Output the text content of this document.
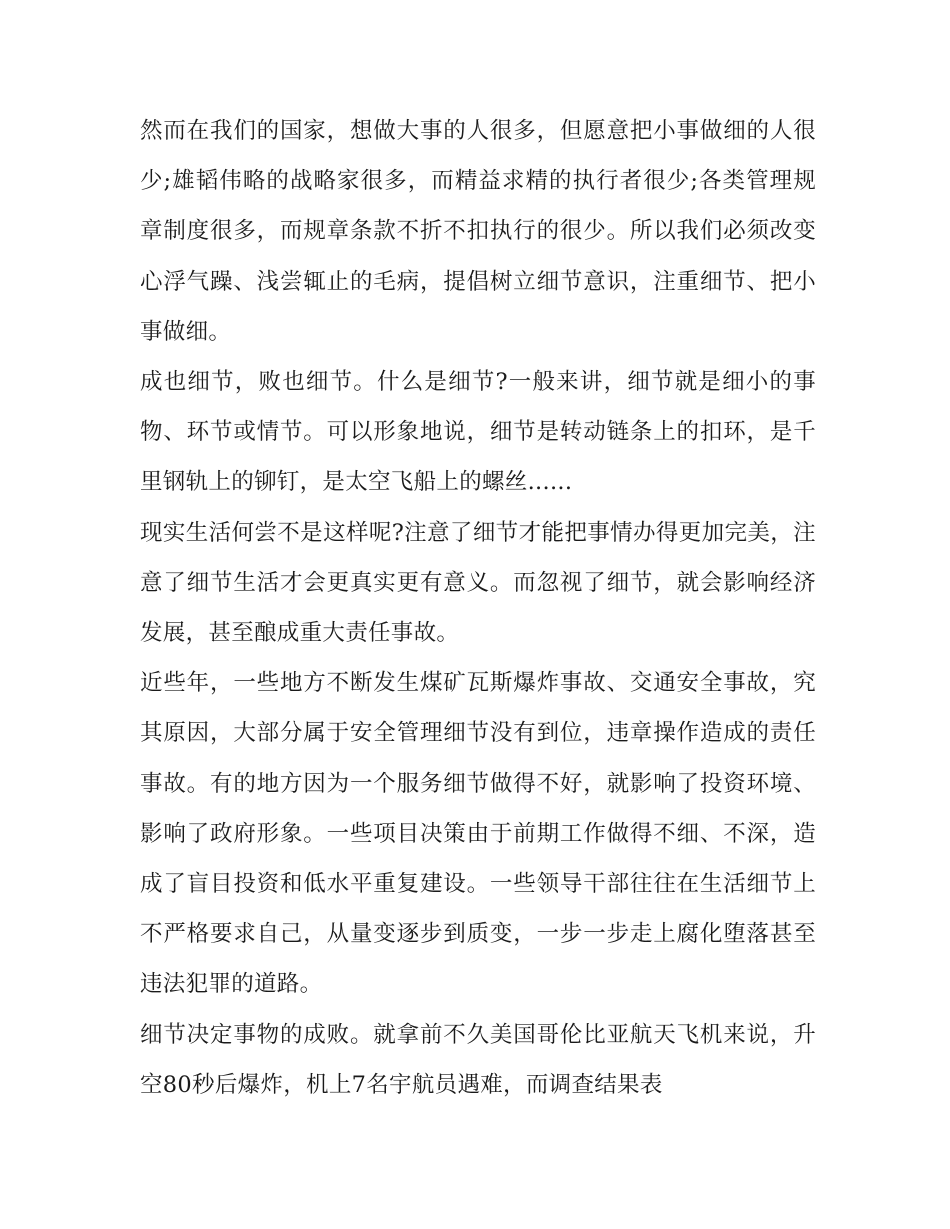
然而在我们的国家，想做大事的人很多，但愿意把小事做细的人很少;雄韬伟略的战略家很多，而精益求精的执行者很少;各类管理规章制度很多，而规章条款不折不扣执行的很少。所以我们必须改变心浮气躁、浅尝辄止的毛病，提倡树立细节意识，注重细节、把小事做细。

成也细节，败也细节。什么是细节?一般来讲，细节就是细小的事物、环节或情节。可以形象地说，细节是转动链条上的扣环，是千里钢轨上的铆钉，是太空飞船上的螺丝......

现实生活何尝不是这样呢?注意了细节才能把事情办得更加完美，注意了细节生活才会更真实更有意义。而忽视了细节，就会影响经济发展，甚至酿成重大责任事故。

近些年，一些地方不断发生煤矿瓦斯爆炸事故、交通安全事故，究其原因，大部分属于安全管理细节没有到位，违章操作造成的责任事故。有的地方因为一个服务细节做得不好，就影响了投资环境、影响了政府形象。一些项目决策由于前期工作做得不细、不深，造成了盲目投资和低水平重复建设。一些领导干部往往在生活细节上不严格要求自己，从量变逐步到质变，一步一步走上腐化堕落甚至违法犯罪的道路。

细节决定事物的成败。就拿前不久美国哥伦比亚航天飞机来说，升空80秒后爆炸，机上7名宇航员遇难，而调查结果表
